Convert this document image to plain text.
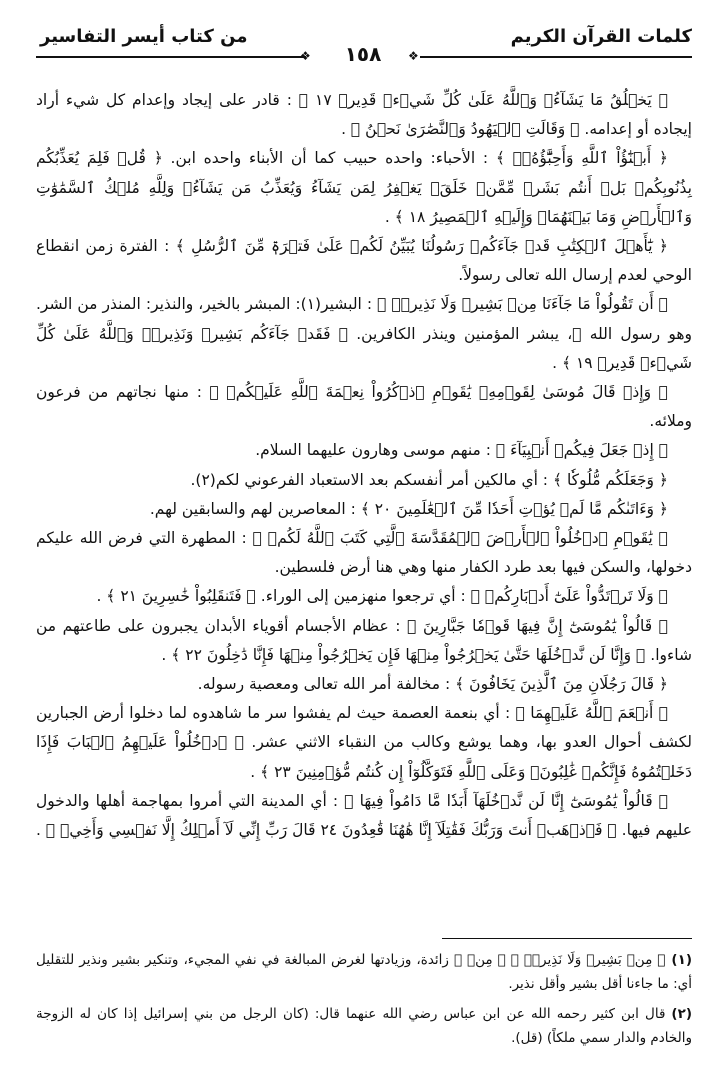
كلمات القرآن الكريم
من كتاب أيسر التفاسير
❖	❖
١٥٨

﴿ يَخۡلُقُ مَا يَشَآءُۚ وَٱللَّهُ عَلَىٰ كُلِّ شَيۡءٖ قَدِيرٞ ١٧ ﴾ : قادر على إيجاد وإعدام كل شيء أراد إيجاده أو إعدامه. ﴿ وَقَالَتِ ٱلۡيَهُودُ وَٱلنَّصَٰرَىٰ نَحۡنُ ﴾ .

﴿ أَبۡنَٰٓؤُاْ ٱللَّهِ وَأَحِبَّٰٓؤُهُۥۚ ﴾ : الأحباء: واحده حبيب كما أن الأبناء واحده ابن. ﴿ قُلۡ فَلِمَ يُعَذِّبُكُم بِذُنُوبِكُمۖ بَلۡ أَنتُم بَشَرٞ مِّمَّنۡ خَلَقَۚ يَغۡفِرُ لِمَن يَشَآءُ وَيُعَذِّبُ مَن يَشَآءُۚ وَلِلَّهِ مُلۡكُ ٱلسَّمَٰوَٰتِ وَٱلۡأَرۡضِ وَمَا بَيۡنَهُمَاۖ وَإِلَيۡهِ ٱلۡمَصِيرُ ١٨ ﴾ .

﴿ يَٰٓأَهۡلَ ٱلۡكِتَٰبِ قَدۡ جَآءَكُمۡ رَسُولُنَا يُبَيِّنُ لَكُمۡ عَلَىٰ فَتۡرَةٖ مِّنَ ٱلرُّسُلِ ﴾ : الفترة زمن انقطاع الوحي لعدم إرسال الله تعالى رسولاً.

﴿ أَن تَقُولُواْ مَا جَآءَنَا مِنۢ بَشِيرٖ وَلَا نَذِيرٖۖ ﴾ : البشير(١): المبشر بالخير، والنذير: المنذر من الشر. وهو رسول الله ﷺ، يبشر المؤمنين وينذر الكافرين. ﴿ فَقَدۡ جَآءَكُم بَشِيرٞ وَنَذِيرٞۗ وَٱللَّهُ عَلَىٰ كُلِّ شَيۡءٖ قَدِيرٞ ١٩ ﴾ .

﴿ وَإِذۡ قَالَ مُوسَىٰ لِقَوۡمِهِۦ يَٰقَوۡمِ ٱذۡكُرُواْ نِعۡمَةَ ٱللَّهِ عَلَيۡكُمۡ ﴾ : منها نجاتهم من فرعون وملائه.

﴿ إِذۡ جَعَلَ فِيكُمۡ أَنۢبِيَآءَ ﴾ : منهم موسى وهارون عليهما السلام.

﴿ وَجَعَلَكُم مُّلُوكٗا ﴾ : أي مالكين أمر أنفسكم بعد الاستعباد الفرعوني لكم(٢).

﴿ وَءَاتَىٰكُم مَّا لَمۡ يُؤۡتِ أَحَدٗا مِّنَ ٱلۡعَٰلَمِينَ ٢٠ ﴾ : المعاصرين لهم والسابقين لهم.

﴿ يَٰقَوۡمِ ٱدۡخُلُواْ ٱلۡأَرۡضَ ٱلۡمُقَدَّسَةَ ٱلَّتِي كَتَبَ ٱللَّهُ لَكُمۡ ﴾ : المطهرة التي فرض الله عليكم دخولها، والسكن فيها بعد طرد الكفار منها وهي هنا أرض فلسطين.

﴿ وَلَا تَرۡتَدُّواْ عَلَىٰٓ أَدۡبَارِكُمۡ ﴾ : أي ترجعوا منهزمين إلى الوراء. ﴿ فَتَنقَلِبُواْ خَٰسِرِينَ ٢١ ﴾ .

﴿ قَالُواْ يَٰمُوسَىٰٓ إِنَّ فِيهَا قَوۡمٗا جَبَّارِينَ ﴾ : عظام الأجسام أقوياء الأبدان يجبرون على طاعتهم من شاءوا. ﴿ وَإِنَّا لَن نَّدۡخُلَهَا حَتَّىٰ يَخۡرُجُواْ مِنۡهَا فَإِن يَخۡرُجُواْ مِنۡهَا فَإِنَّا دَٰخِلُونَ ٢٢ ﴾ .

﴿ قَالَ رَجُلَانِ مِنَ ٱلَّذِينَ يَخَافُونَ ﴾ : مخالفة أمر الله تعالى ومعصية رسوله.

﴿ أَنۡعَمَ ٱللَّهُ عَلَيۡهِمَا ﴾ : أي بنعمة العصمة حيث لم يفشوا سر ما شاهدوه لما دخلوا أرض الجبارين لكشف أحوال العدو بها، وهما يوشع وكالب من النقباء الاثني عشر. ﴿ ٱدۡخُلُواْ عَلَيۡهِمُ ٱلۡبَابَ فَإِذَا دَخَلۡتُمُوهُ فَإِنَّكُمۡ غَٰلِبُونَۚ وَعَلَى ٱللَّهِ فَتَوَكَّلُوٓاْ إِن كُنتُم مُّؤۡمِنِينَ ٢٣ ﴾ .

﴿ قَالُواْ يَٰمُوسَىٰٓ إِنَّا لَن نَّدۡخُلَهَآ أَبَدٗا مَّا دَامُواْ فِيهَا ﴾ : أي المدينة التي أمروا بمهاجمة أهلها والدخول عليهم فيها. ﴿ فَٱذۡهَبۡ أَنتَ وَرَبُّكَ فَقَٰتِلَآ إِنَّا هَٰهُنَا قَٰعِدُونَ ٢٤ قَالَ رَبِّ إِنِّي لَآ أَمۡلِكُ إِلَّا نَفۡسِي وَأَخِيۖ ﴾ .

(١)﴿ مِنۢ بَشِيرٖ وَلَا نَذِيرٖۖ ﴾ ﴿ مِنۢ ﴾ زائدة، وزيادتها لغرض المبالغة في نفي المجيء، وتنكير بشير ونذير للتقليل أي: ما جاءنا أقل بشير وأقل نذير.

(٢)قال ابن كثير رحمه الله عن ابن عباس رضي الله عنهما قال: (كان الرجل من بني إسرائيل إذا كان له الزوجة والخادم والدار سمي ملكاً) (قل).
